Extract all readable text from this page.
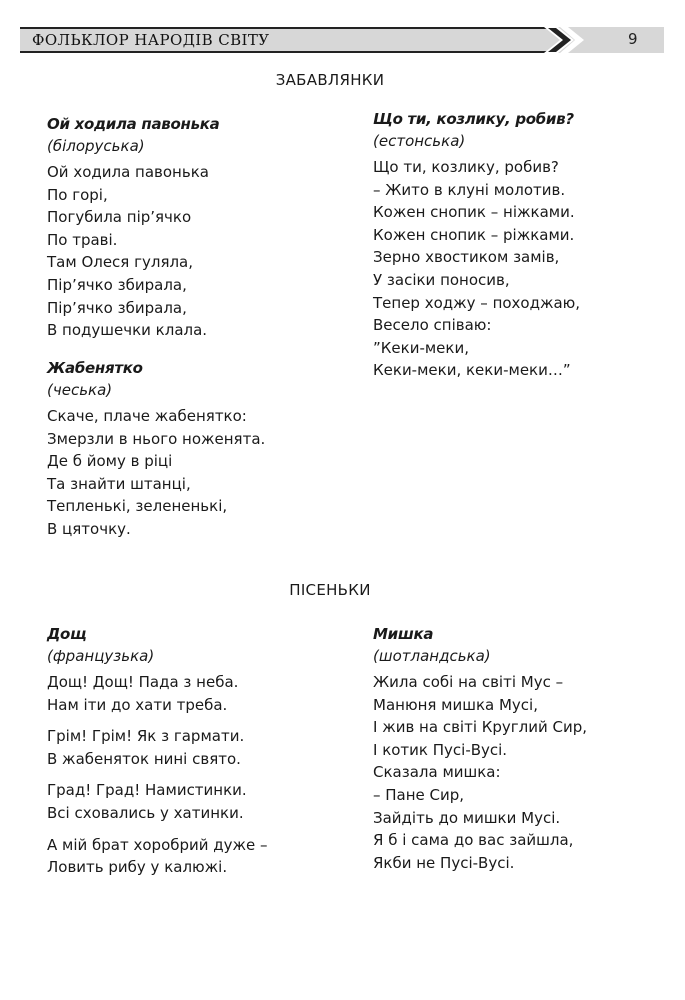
ФОЛЬКЛОР НАРОДІВ СВІТУ	9
ЗАБАВЛЯНКИ
Ой ходила павонька
(білоруська)
Ой ходила павонька
По горі,
Погубила пір’ячко
По траві.
Там Олеся гуляла,
Пір’ячко збирала,
Пір’ячко збирала,
В подушечки клала.
Жабенятко
(чеська)
Скаче, плаче жабенятко:
Змерзли в нього ноженята.
Де б йому в ріці
Та знайти штанці,
Тепленькі, зелененькі,
В цяточку.
Що ти, козлику, робив?
(естонська)
Що ти, козлику, робив?
– Жито в клуні молотив.
Кожен снопик – ніжками.
Кожен снопик – ріжками.
Зерно хвостиком замів,
У засіки поносив,
Тепер ходжу – походжаю,
Весело співаю:
”Кеки-меки,
Кеки-меки, кеки-меки…”
ПІСЕНЬКИ
Дощ
(французька)
Дощ! Дощ! Пада з неба.
Нам іти до хати треба.
Грім! Грім! Як з гармати.
В жабеняток нині свято.
Град! Град! Намистинки.
Всі сховались у хатинки.
А мій брат хоробрий дуже –
Ловить рибу у калюжі.
Мишка
(шотландська)
Жила собі на світі Мус –
Манюня мишка Мусі,
І жив на світі Круглий Сир,
І котик Пусі-Вусі.
Сказала мишка:
– Пане Сир,
Зайдіть до мишки Мусі.
Я б і сама до вас зайшла,
Якби не Пусі-Вусі.
